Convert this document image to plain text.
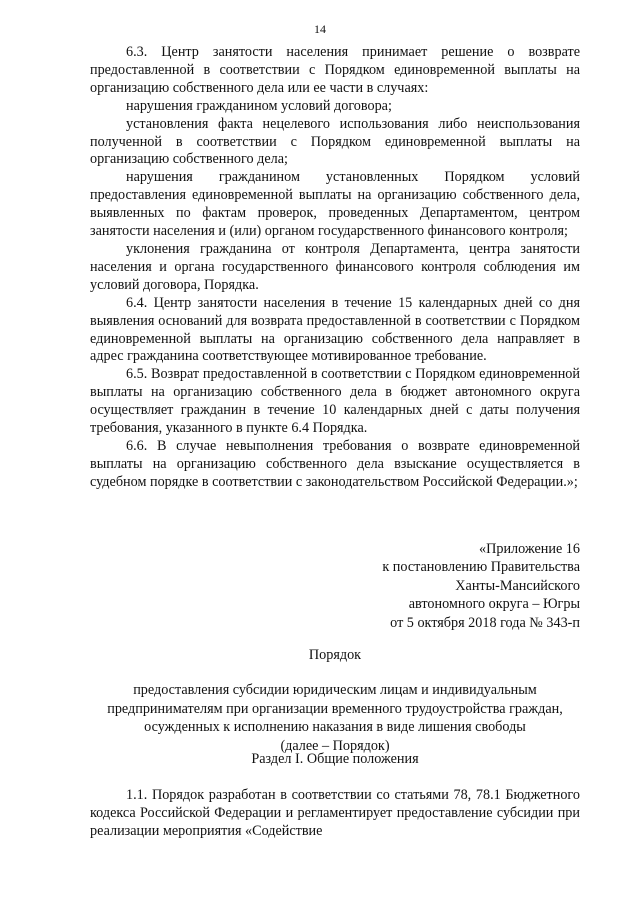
14

6.3. Центр занятости населения принимает решение о возврате предоставленной в соответствии с Порядком единовременной выплаты на организацию собственного дела или ее части в случаях:

нарушения гражданином условий договора;

установления факта нецелевого использования либо неиспользования полученной в соответствии с Порядком единовременной выплаты на организацию собственного дела;

нарушения гражданином установленных Порядком условий предоставления единовременной выплаты на организацию собственного дела, выявленных по фактам проверок, проведенных Департаментом, центром занятости населения и (или) органом государственного финансового контроля;

уклонения гражданина от контроля Департамента, центра занятости населения и органа государственного финансового контроля соблюдения им условий договора, Порядка.

6.4. Центр занятости населения в течение 15 календарных дней со дня выявления оснований для возврата предоставленной в соответствии с Порядком единовременной выплаты на организацию собственного дела направляет в адрес гражданина соответствующее мотивированное требование.

6.5. Возврат предоставленной в соответствии с Порядком единовременной выплаты на организацию собственного дела в бюджет автономного округа осуществляет гражданин в течение 10 календарных дней с даты получения требования, указанного в пункте 6.4 Порядка.

6.6. В случае невыполнения требования о возврате единовременной выплаты на организацию собственного дела взыскание осуществляется в судебном порядке в соответствии с законодательством Российской Федерации.»;

«Приложение 16
к постановлению Правительства
Ханты-Мансийского
автономного округа – Югры
от 5 октября 2018 года № 343-п
Порядок
предоставления субсидии юридическим лицам и индивидуальным
предпринимателям при организации временного трудоустройства граждан,
осужденных к исполнению наказания в виде лишения свободы
(далее – Порядок)
Раздел I. Общие положения

1.1. Порядок разработан в соответствии со статьями 78, 78.1 Бюджетного кодекса Российской Федерации и регламентирует предоставление субсидии при реализации мероприятия «Содействие
